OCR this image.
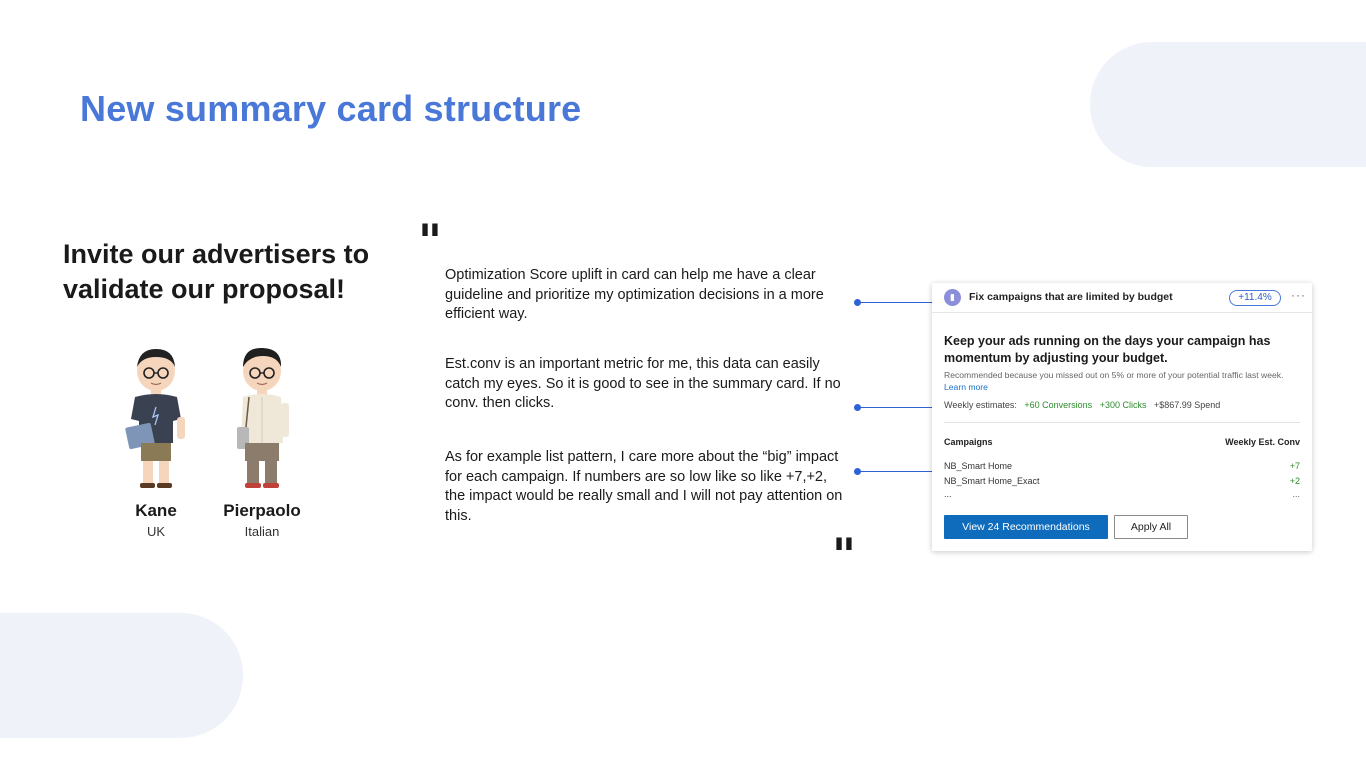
New summary card structure
Invite our advertisers to validate our proposal!
Kane
UK
Pierpaolo
Italian
"
"

Optimization Score uplift in card can help me have a clear guideline and prioritize my optimization decisions in a more efficient way.

Est.conv is an important metric for me, this data can easily catch my eyes. So it is good to see in the summary card. If no conv. then clicks.

As for example list pattern, I care more about the “big” impact for each campaign. If numbers are so low like so like +7,+2, the impact would be really small and I will not pay attention on this.

▮	Fix campaigns that are limited by budget	+11.4%	···
Keep your ads running on the days your campaign has momentum by adjusting your budget.
Recommended because you missed out on 5% or more of your potential traffic last week. Learn more
Weekly estimates: +60 Conversions +300 Clicks +$867.99 Spend
Campaigns	Weekly Est. Conv
NB_Smart Home	+7
NB_Smart Home_Exact	+2
...	...
View 24 Recommendations	Apply All
